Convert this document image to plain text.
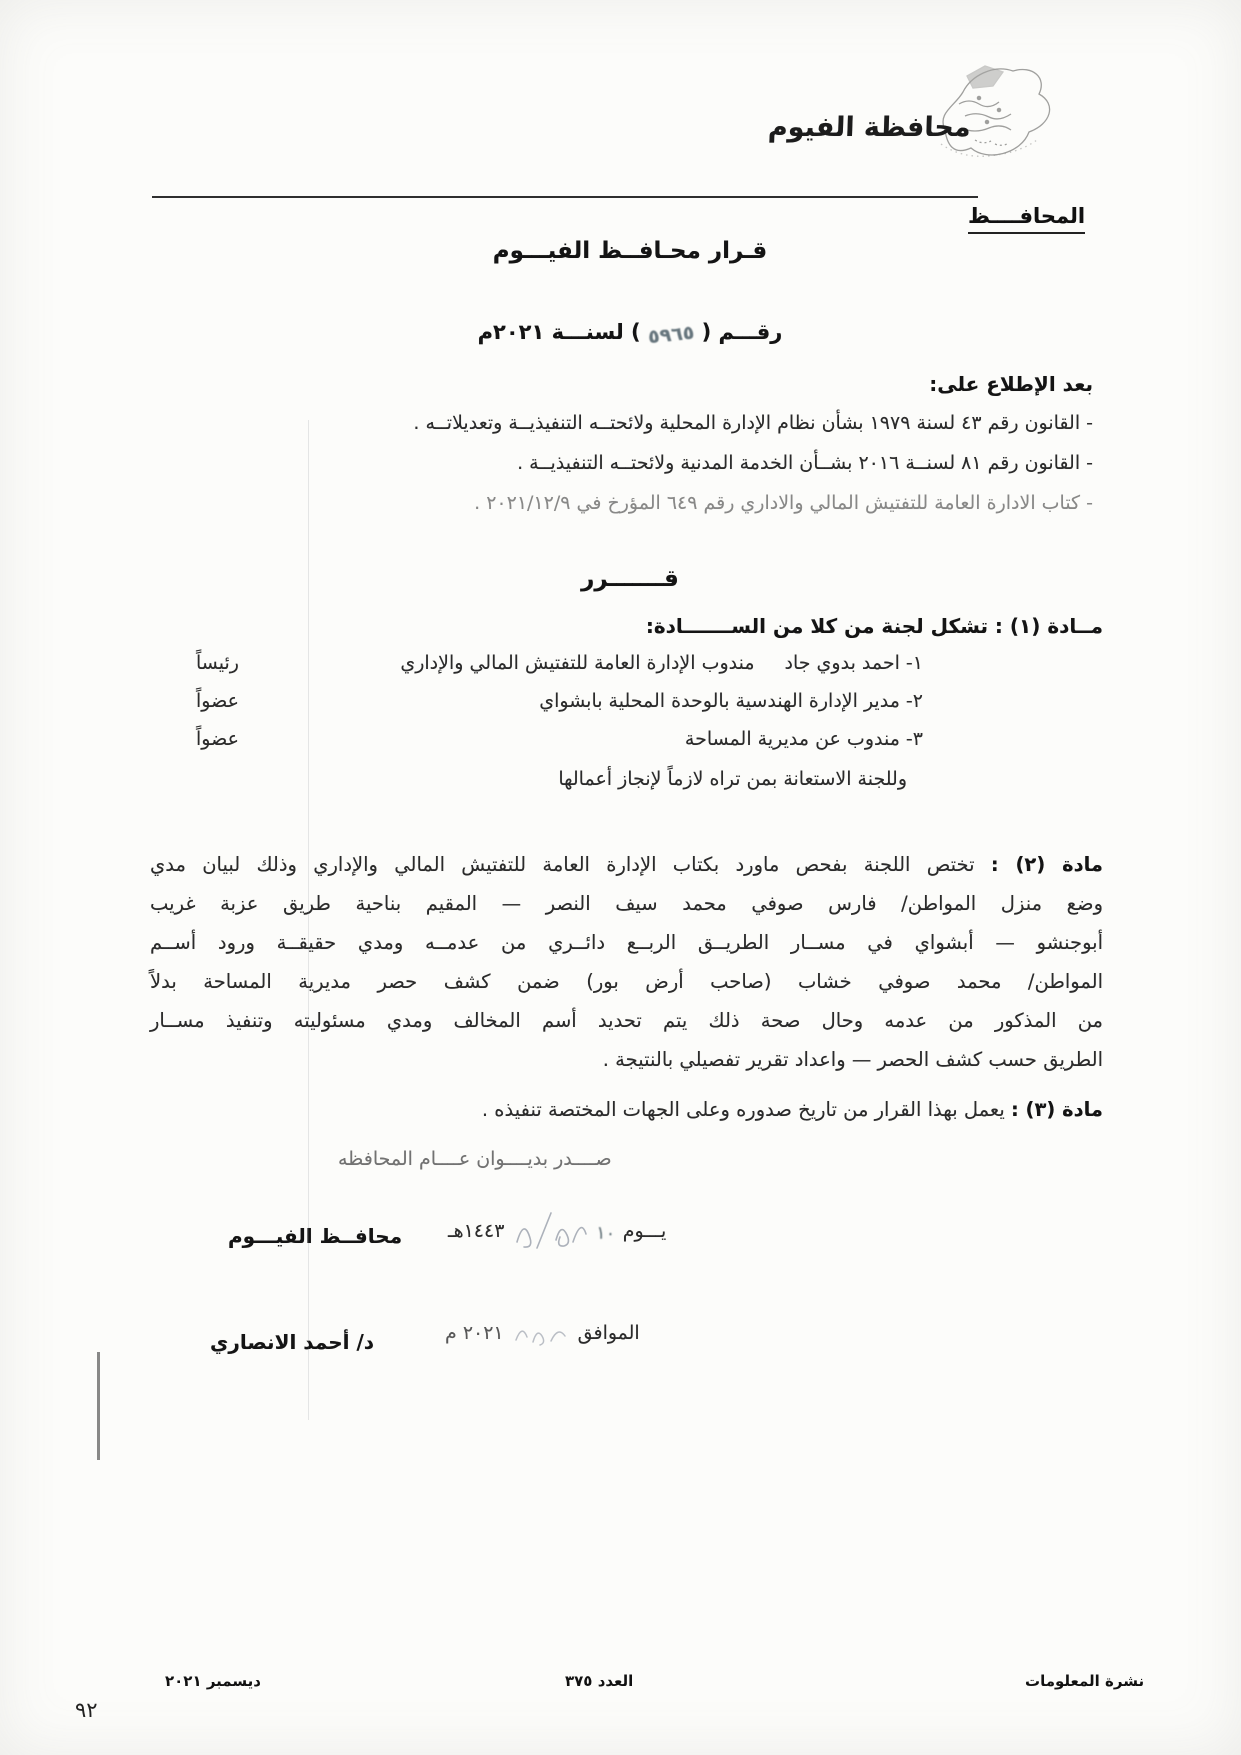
محافظة الفيوم
المحافــــظ
قـرار محـافــظ الفيـــوم
رقـــم ( ٥٩٦٥ ) لسنـــة ٢٠٢١م
بعد الإطلاع على:
- القانون رقم ٤٣ لسنة ١٩٧٩ بشأن نظام الإدارة المحلية ولائحتــه التنفيذيــة وتعديلاتــه .
- القانون رقم ٨١ لسنــة ٢٠١٦ بشــأن الخدمة المدنية ولائحتــه التنفيذيــة .
- كتاب الادارة العامة للتفتيش المالي والاداري رقم ٦٤٩ المؤرخ في ٢٠٢١/١٢/٩ .
قـــــــرر
مــادة (١) : تشكل لجنة من كلا من الســـــــادة:
١- احمد بدوي جاد
مندوب الإدارة العامة للتفتيش المالي والإداري
رئيساً
٢- مدير الإدارة الهندسية بالوحدة المحلية بابشواي
عضواً
٣- مندوب عن مديرية المساحة
عضواً
وللجنة الاستعانة بمن تراه لازماً لإنجاز أعمالها
مادة (٢) : تختص اللجنة بفحص ماورد بكتاب الإدارة العامة للتفتيش المالي والإداري وذلك لبيان مدي
وضع منزل المواطن/ فارس صوفي محمد سيف النصر — المقيم بناحية طريق عزبة غريب
أبوجنشو — أبشواي في مســار الطريــق الربــع دائــري من عدمــه ومدي حقيقــة ورود أســم
المواطن/ محمد صوفي خشاب (صاحب أرض بور) ضمن كشف حصر مديرية المساحة بدلاً
من المذكور من عدمه وحال صحة ذلك يتم تحديد أسم المخالف ومدي مسئوليته وتنفيذ مســار
الطريق حسب كشف الحصر — واعداد تقرير تفصيلي بالنتيجة .
مادة (٣) : يعمل بهذا القرار من تاريخ صدوره وعلى الجهات المختصة تنفيذه .
صــــدر بديــــوان عــــام المحافظه
يـــوم
١٠
١٤٤٣هـ
محافــظ الفيـــوم
الموافق
٢٠٢١ م
د/ أحمد الانصاري
نشرة المعلومات
العدد ٣٧٥
ديسمبر ٢٠٢١
٩٢
